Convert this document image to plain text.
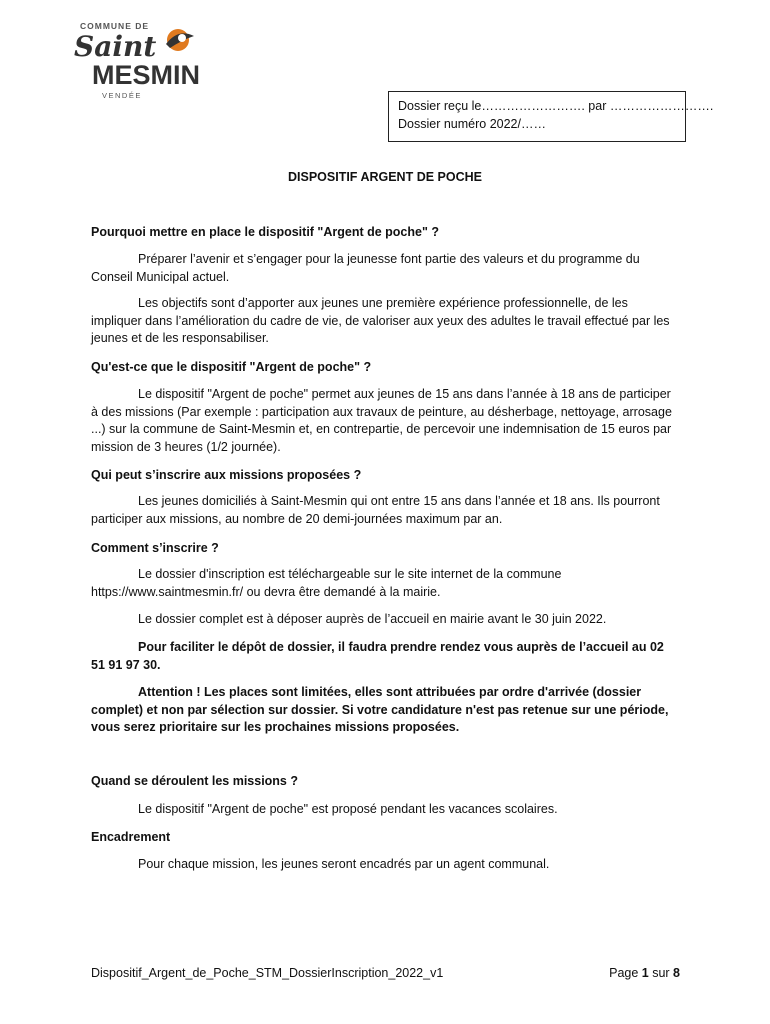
COMMUNE DE
Saint
MESMIN
VENDÉE
Dossier reçu le……………………. par …………………….
Dossier numéro 2022/……
DISPOSITIF ARGENT DE POCHE
Pourquoi mettre en place le dispositif "Argent de poche" ?
Préparer l’avenir et s’engager pour la jeunesse font partie des valeurs et du programme du Conseil Municipal actuel.
Les objectifs sont d’apporter aux jeunes une première expérience professionnelle, de les impliquer dans l’amélioration du cadre de vie, de valoriser aux yeux des adultes le travail effectué par les jeunes et de les responsabiliser.
Qu'est-ce que le dispositif "Argent de poche" ?
Le dispositif "Argent de poche" permet aux jeunes de 15 ans dans l’année à 18 ans de participer à des missions (Par exemple : participation aux travaux de peinture, au désherbage, nettoyage, arrosage ...) sur la commune de Saint-Mesmin et, en contrepartie, de percevoir une indemnisation de 15 euros par mission de 3 heures (1/2 journée).
Qui peut s’inscrire aux missions proposées ?
Les jeunes domiciliés à Saint-Mesmin qui ont entre 15 ans dans l’année et 18 ans. Ils pourront participer aux missions, au nombre de 20 demi-journées maximum par an.
Comment s’inscrire ?
Le dossier d'inscription est téléchargeable sur le site internet de la commune https://www.saintmesmin.fr/ ou devra être demandé à la mairie.
Le dossier complet est à déposer auprès de l’accueil en mairie avant le 30 juin 2022.
Pour faciliter le dépôt de dossier, il faudra prendre rendez vous auprès de l’accueil au 02 51 91 97 30.
Attention ! Les places sont limitées, elles sont attribuées par ordre d'arrivée (dossier complet) et non par sélection sur dossier. Si votre candidature n'est pas retenue sur une période, vous serez prioritaire sur les prochaines missions proposées.
Quand se déroulent les missions ?
Le dispositif "Argent de poche" est proposé pendant les vacances scolaires.
Encadrement
Pour chaque mission, les jeunes seront encadrés par un agent communal.
Dispositif_Argent_de_Poche_STM_DossierInscription_2022_v1	Page 1 sur 8
